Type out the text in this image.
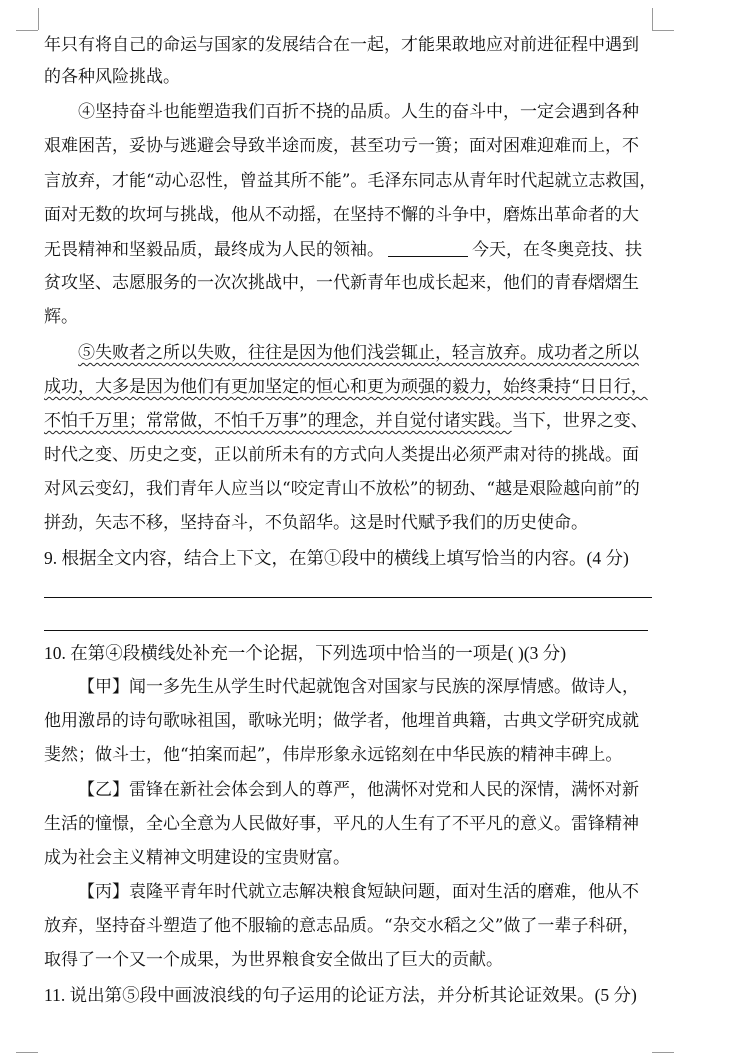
年只有将自己的命运与国家的发展结合在一起，才能果敢地应对前进征程中遇到
的各种风险挑战。
④坚持奋斗也能塑造我们百折不挠的品质。人生的奋斗中，一定会遇到各种
艰难困苦，妥协与逃避会导致半途而废，甚至功亏一篑；面对困难迎难而上，不
言放弃，才能“动心忍性，曾益其所不能”。毛泽东同志从青年时代起就立志救国，
面对无数的坎坷与挑战，他从不动摇，在坚持不懈的斗争中，磨炼出革命者的大
无畏精神和坚毅品质，最终成为人民的领袖。	今天，在冬奥竞技、扶
贫攻坚、志愿服务的一次次挑战中，一代新青年也成长起来，他们的青春熠熠生
辉。
⑤失败者之所以失败，往往是因为他们浅尝辄止，轻言放弃。成功者之所以
成功，大多是因为他们有更加坚定的恒心和更为顽强的毅力，始终秉持“日日行，
不怕千万里；常常做，不怕千万事”的理念，并自觉付诸实践。当下，世界之变、
时代之变、历史之变，正以前所未有的方式向人类提出必须严肃对待的挑战。面
对风云变幻，我们青年人应当以“咬定青山不放松”的韧劲、“越是艰险越向前”的
拼劲，矢志不移，坚持奋斗，不负韶华。这是时代赋予我们的历史使命。
9. 根据全文内容，结合上下文，在第①段中的横线上填写恰当的内容。(4 分)
10. 在第④段横线处补充一个论据，下列选项中恰当的一项是( )(3 分)
【甲】闻一多先生从学生时代起就饱含对国家与民族的深厚情感。做诗人，
他用激昂的诗句歌咏祖国，歌咏光明；做学者，他埋首典籍，古典文学研究成就
斐然；做斗士，他“拍案而起”，伟岸形象永远铭刻在中华民族的精神丰碑上。
【乙】雷锋在新社会体会到人的尊严，他满怀对党和人民的深情，满怀对新
生活的憧憬，全心全意为人民做好事，平凡的人生有了不平凡的意义。雷锋精神
成为社会主义精神文明建设的宝贵财富。
【丙】袁隆平青年时代就立志解决粮食短缺问题，面对生活的磨难，他从不
放弃，坚持奋斗塑造了他不服输的意志品质。“杂交水稻之父”做了一辈子科研，
取得了一个又一个成果，为世界粮食安全做出了巨大的贡献。
11. 说出第⑤段中画波浪线的句子运用的论证方法，并分析其论证效果。(5 分)
